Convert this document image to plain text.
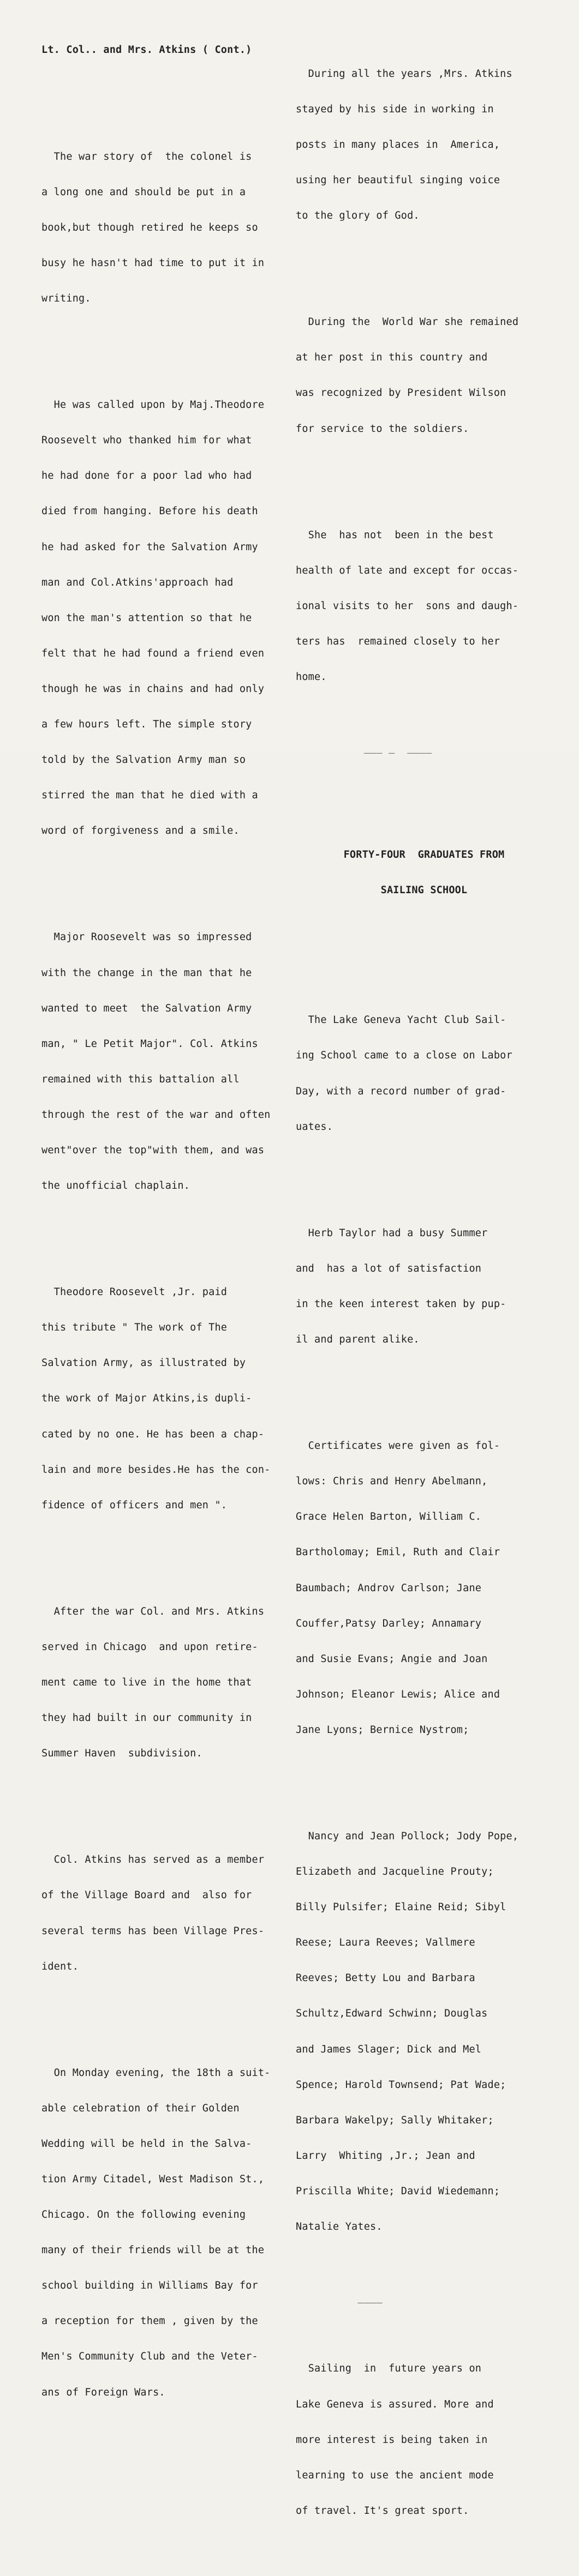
Lt. Col.. and Mrs. Atkins ( Cont.)

The war story of  the colonel is

a long one and should be put in a

book,but though retired he keeps so

busy he hasn't had time to put it in

writing.

He was called upon by Maj.Theodore

Roosevelt who thanked him for what

he had done for a poor lad who had

died from hanging. Before his death

he had asked for the Salvation Army

man and Col.Atkins'approach had

won the man's attention so that he

felt that he had found a friend even

though he was in chains and had only

a few hours left. The simple story

told by the Salvation Army man so

stirred the man that he died with a

word of forgiveness and a smile.

Major Roosevelt was so impressed

with the change in the man that he

wanted to meet  the Salvation Army

man, " Le Petit Major". Col. Atkins

remained with this battalion all

through the rest of the war and often

went"over the top"with them, and was

the unofficial chaplain.

Theodore Roosevelt ,Jr. paid

this tribute " The work of The

Salvation Army, as illustrated by

the work of Major Atkins,is dupli-

cated by no one. He has been a chap-

lain and more besides.He has the con-

fidence of officers and men ".

After the war Col. and Mrs. Atkins

served in Chicago  and upon retire-

ment came to live in the home that

they had built in our community in

Summer Haven  subdivision.

Col. Atkins has served as a member

of the Village Board and  also for

several terms has been Village Pres-

ident.

On Monday evening, the 18th a suit-

able celebration of their Golden

Wedding will be held in the Salva-

tion Army Citadel, West Madison St.,

Chicago. On the following evening

many of their friends will be at the

school building in Williams Bay for

a reception for them , given by the

Men's Community Club and the Veter-

ans of Foreign Wars.

During all the years ,Mrs. Atkins

stayed by his side in working in

posts in many places in  America,

using her beautiful singing voice

to the glory of God.

During the  World War she remained

at her post in this country and

was recognized by President Wilson

for service to the soldiers.

She  has not  been in the best

health of late and except for occas-

ional visits to her  sons and daugh-

ters has  remained closely to her

home.

___ _  ____

FORTY-FOUR  GRADUATES FROM

SAILING SCHOOL

The Lake Geneva Yacht Club Sail-

ing School came to a close on Labor

Day, with a record number of grad-

uates.

Herb Taylor had a busy Summer

and  has a lot of satisfaction

in the keen interest taken by pup-

il and parent alike.

Certificates were given as fol-

lows: Chris and Henry Abelmann,

Grace Helen Barton, William C.

Bartholomay; Emil, Ruth and Clair

Baumbach; Androv Carlson; Jane

Couffer,Patsy Darley; Annamary

and Susie Evans; Angie and Joan

Johnson; Eleanor Lewis; Alice and

Jane Lyons; Bernice Nystrom;

Nancy and Jean Pollock; Jody Pope,

Elizabeth and Jacqueline Prouty;

Billy Pulsifer; Elaine Reid; Sibyl

Reese; Laura Reeves; Vallmere

Reeves; Betty Lou and Barbara

Schultz,Edward Schwinn; Douglas

and James Slager; Dick and Mel

Spence; Harold Townsend; Pat Wade;

Barbara Wakelpy; Sally Whitaker;

Larry  Whiting ,Jr.; Jean and

Priscilla White; David Wiedemann;

Natalie Yates.

____

Sailing  in  future years on

Lake Geneva is assured. More and

more interest is being taken in

learning to use the ancient mode

of travel. It's great sport.
